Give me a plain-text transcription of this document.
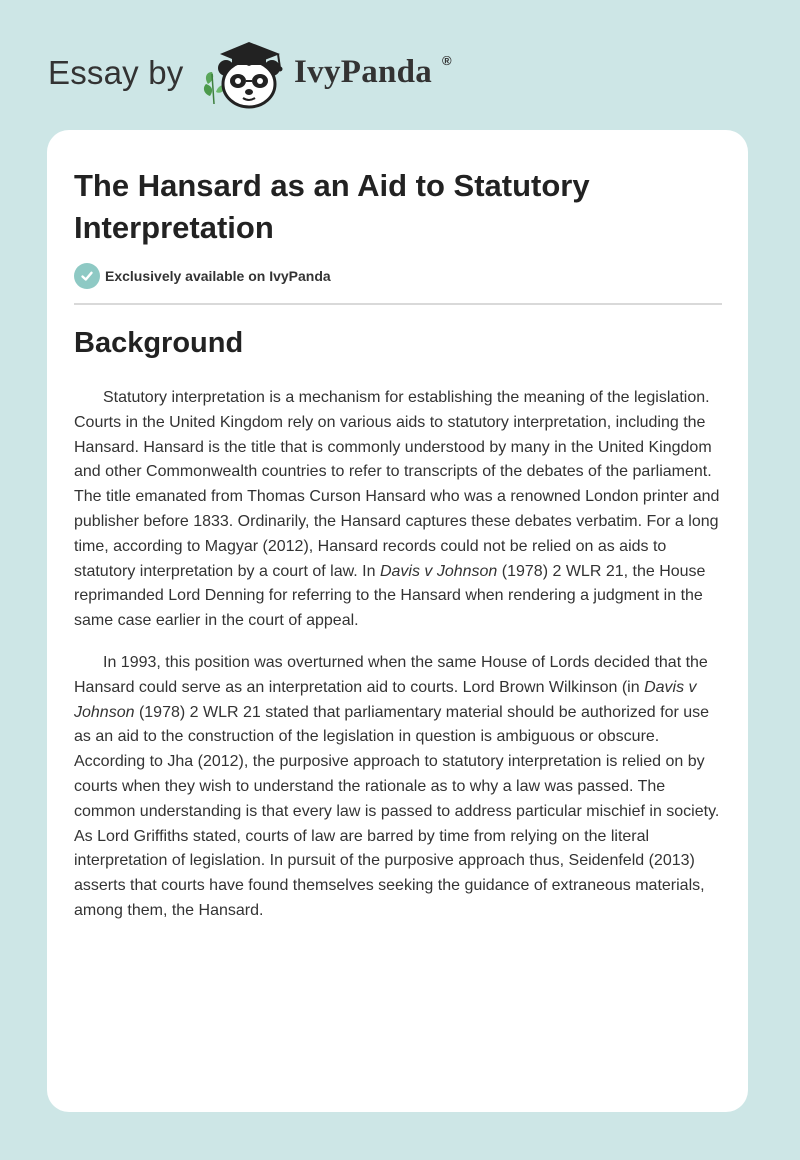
Essay by	IvyPanda ®
The Hansard as an Aid to Statutory Interpretation
Exclusively available on IvyPanda
Background

Statutory interpretation is a mechanism for establishing the meaning of the legislation. Courts in the United Kingdom rely on various aids to statutory interpretation, including the Hansard. Hansard is the title that is commonly understood by many in the United Kingdom and other Commonwealth countries to refer to transcripts of the debates of the parliament. The title emanated from Thomas Curson Hansard who was a renowned London printer and publisher before 1833. Ordinarily, the Hansard captures these debates verbatim. For a long time, according to Magyar (2012), Hansard records could not be relied on as aids to statutory interpretation by a court of law. In Davis v Johnson (1978) 2 WLR 21, the House reprimanded Lord Denning for referring to the Hansard when rendering a judgment in the same case earlier in the court of appeal.

In 1993, this position was overturned when the same House of Lords decided that the Hansard could serve as an interpretation aid to courts. Lord Brown Wilkinson (in Davis v Johnson (1978) 2 WLR 21 stated that parliamentary material should be authorized for use as an aid to the construction of the legislation in question is ambiguous or obscure. According to Jha (2012), the purposive approach to statutory interpretation is relied on by courts when they wish to understand the rationale as to why a law was passed. The common understanding is that every law is passed to address particular mischief in society. As Lord Griffiths stated, courts of law are barred by time from relying on the literal interpretation of legislation. In pursuit of the purposive approach thus, Seidenfeld (2013) asserts that courts have found themselves seeking the guidance of extraneous materials, among them, the Hansard.
